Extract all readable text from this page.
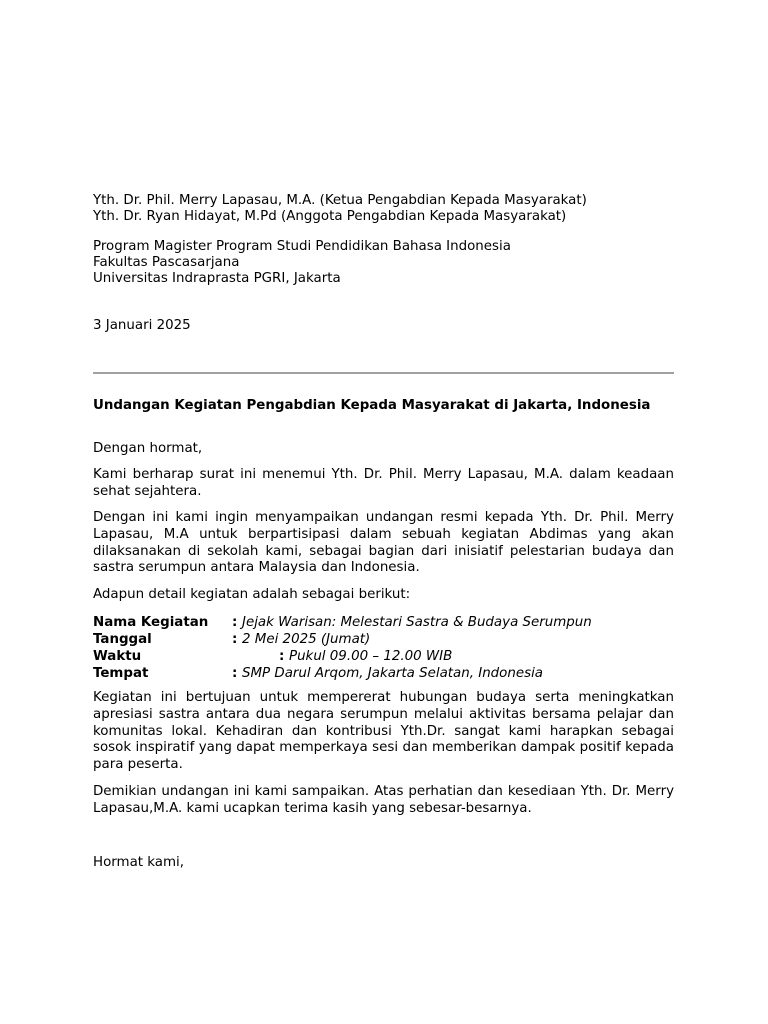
Yth. Dr. Phil. Merry Lapasau, M.A. (Ketua Pengabdian Kepada Masyarakat)
Yth. Dr. Ryan Hidayat, M.Pd (Anggota Pengabdian Kepada Masyarakat)
Program Magister Program Studi Pendidikan Bahasa Indonesia
Fakultas Pascasarjana
Universitas Indraprasta PGRI, Jakarta
3 Januari 2025
Undangan Kegiatan Pengabdian Kepada Masyarakat di Jakarta, Indonesia
Dengan hormat,
Kami berharap surat ini menemui Yth. Dr. Phil. Merry Lapasau, M.A. dalam keadaan sehat sejahtera.
Dengan ini kami ingin menyampaikan undangan resmi kepada Yth. Dr. Phil. Merry Lapasau, M.A untuk berpartisipasi dalam sebuah kegiatan Abdimas yang akan dilaksanakan di sekolah kami, sebagai bagian dari inisiatif pelestarian budaya dan sastra serumpun antara Malaysia dan Indonesia.
Adapun detail kegiatan adalah sebagai berikut:
Nama Kegiatan : Jejak Warisan: Melestari Sastra & Budaya Serumpun
Tanggal	: 2 Mei 2025 (Jumat)
Waktu	: Pukul 09.00 – 12.00 WIB
Tempat	: SMP Darul Arqom, Jakarta Selatan, Indonesia
Kegiatan ini bertujuan untuk mempererat hubungan budaya serta meningkatkan apresiasi sastra antara dua negara serumpun melalui aktivitas bersama pelajar dan komunitas lokal. Kehadiran dan kontribusi Yth.Dr. sangat kami harapkan sebagai sosok inspiratif yang dapat memperkaya sesi dan memberikan dampak positif kepada para peserta.
Demikian undangan ini kami sampaikan. Atas perhatian dan kesediaan Yth. Dr. Merry Lapasau,M.A. kami ucapkan terima kasih yang sebesar-besarnya.
Hormat kami,
